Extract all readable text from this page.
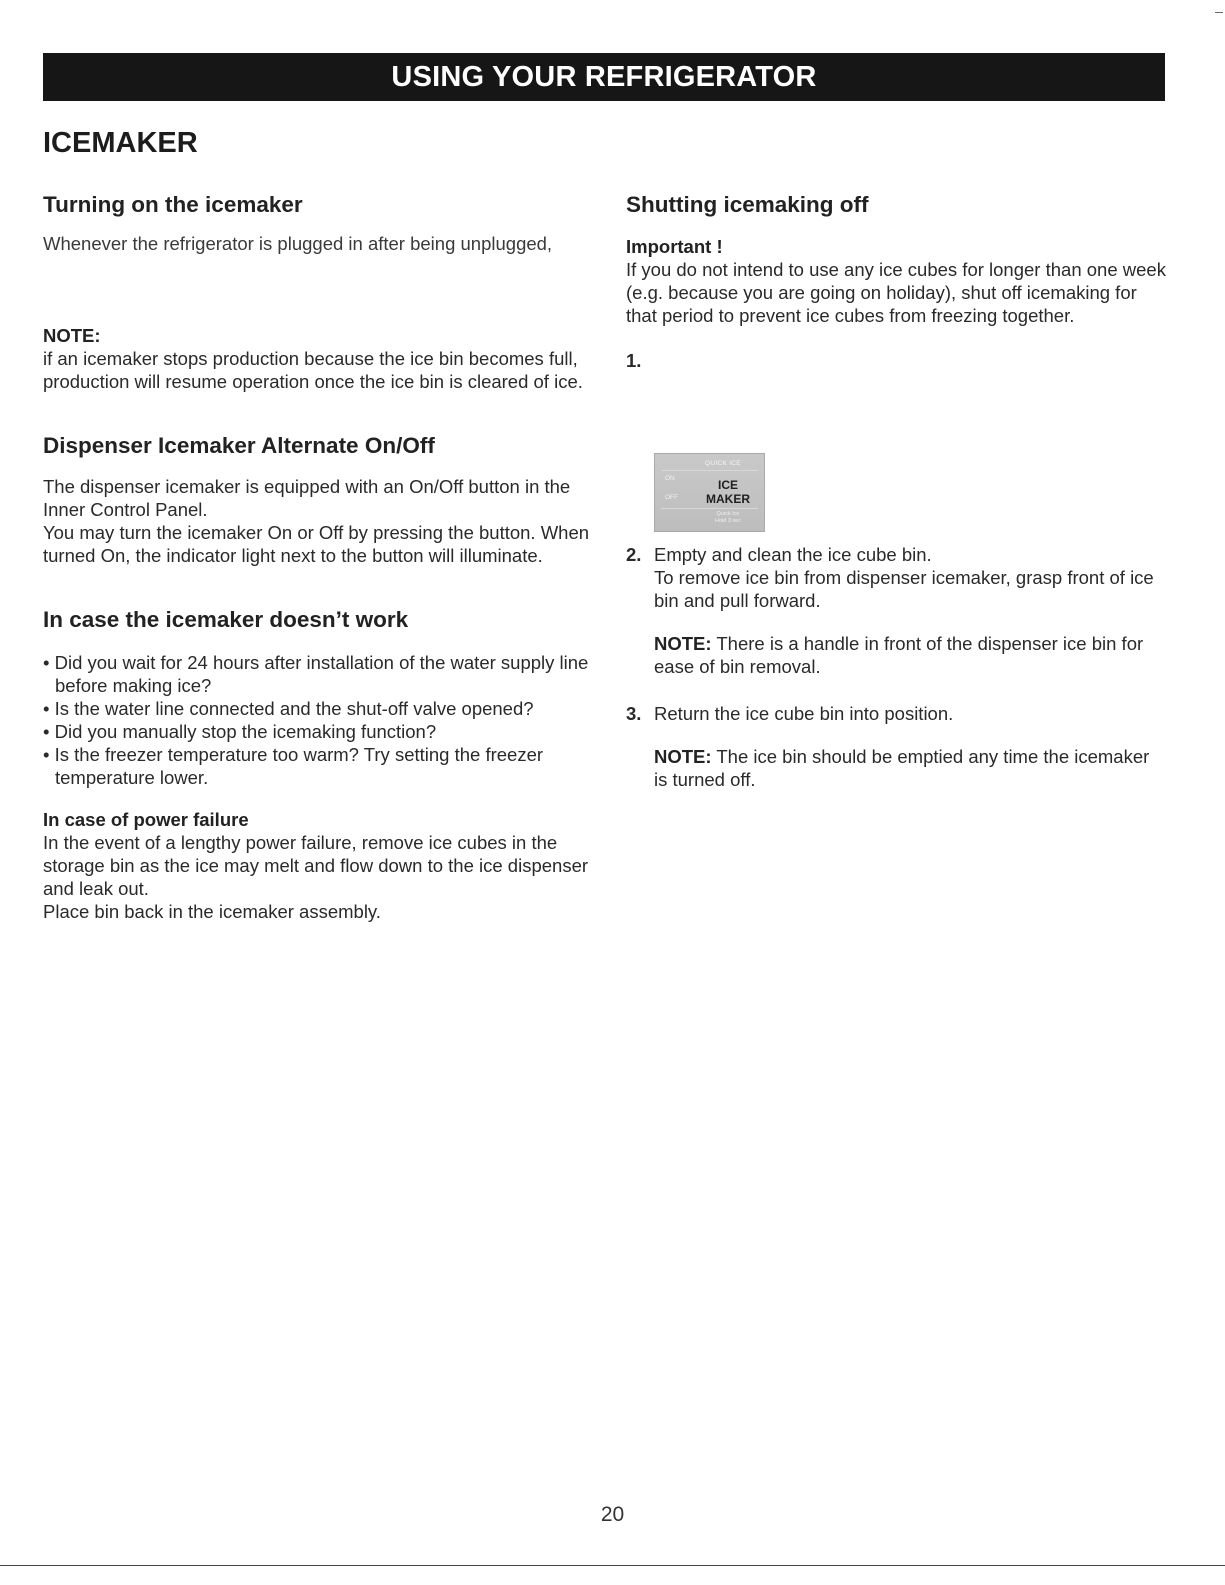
USING YOUR REFRIGERATOR
ICEMAKER
Turning on the icemaker

Whenever the refrigerator is plugged in after being unplugged,

NOTE:

if an icemaker stops production because the ice bin becomes full, production will resume operation once the ice bin is cleared of ice.

Dispenser Icemaker Alternate On/Off

The dispenser icemaker is equipped with an On/Off button in the Inner Control Panel.

You may turn the icemaker On or Off by pressing the button. When turned On, the indicator light next to the button will illuminate.

In case the icemaker doesn’t work
• Did you wait for 24 hours after installation of the water supply line before making ice?
• Is the water line connected and the shut-off valve opened?
• Did you manually stop the icemaking function?
• Is the freezer temperature too warm? Try setting the freezer temperature lower.
In case of power failure

In the event of a lengthy power failure, remove ice cubes in the storage bin as the ice may melt and flow down to the ice dispenser and leak out.

Place bin back in the icemaker assembly.

Shutting icemaking off
Important !

If you do not intend to use any ice cubes for longer than one week (e.g. because you are going on holiday), shut off icemaking for that period to prevent ice cubes from freezing together.

1.
2. Empty and clean the ice cube bin.
To remove ice bin from dispenser icemaker, grasp front of ice bin and pull forward.
NOTE: There is a handle in front of the dispenser ice bin for ease of bin removal.
3. Return the ice cube bin into position.
NOTE: The ice bin should be emptied any time the icemaker is turned off.
QUICK ICE
ON
OFF
ICE
MAKER
Quick Ice
Hold 3 sec
20
